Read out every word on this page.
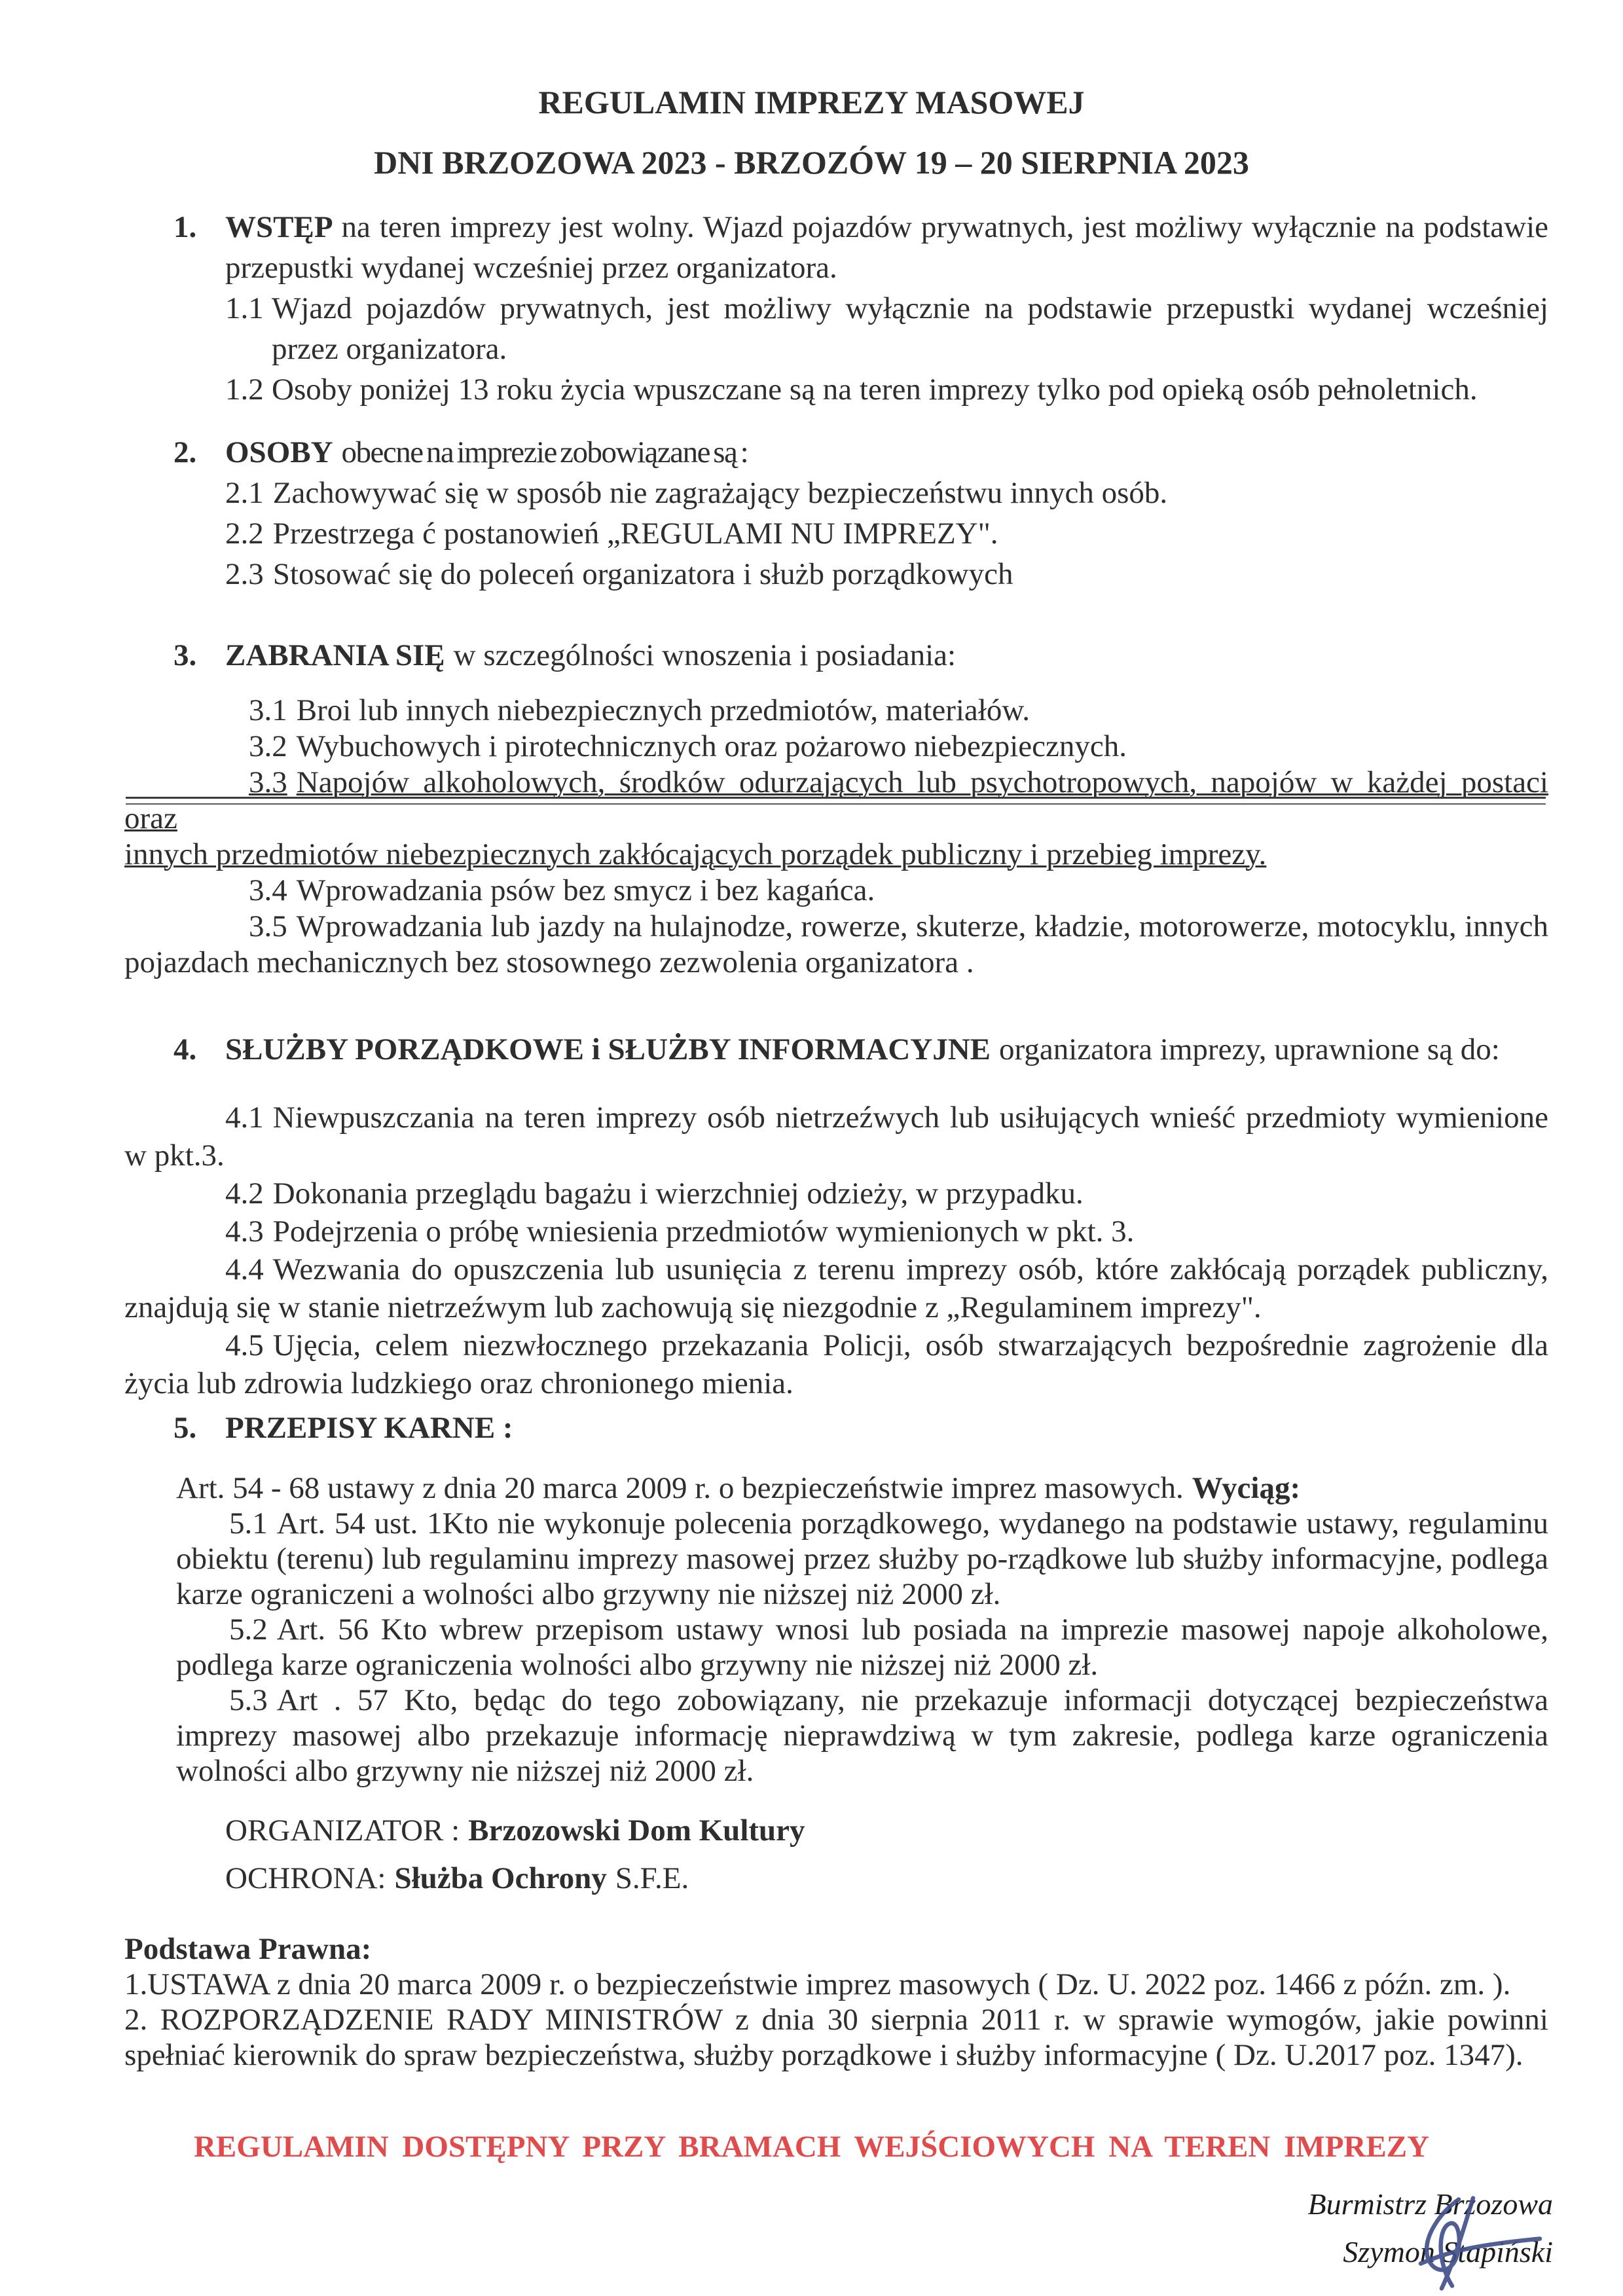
REGULAMIN IMPREZY MASOWEJ
DNI BRZOZOWA 2023 - BRZOZÓW 19 – 20 SIERPNIA 2023
1. WSTĘP na teren imprezy jest wolny. Wjazd pojazdów prywatnych, jest możliwy wyłącznie na podstawie przepustki wydanej wcześniej przez organizatora.
1.1 Wjazd pojazdów prywatnych, jest możliwy wyłącznie na podstawie przepustki wydanej wcześniej przez organizatora.
1.2 Osoby poniżej 13 roku życia wpuszczane są na teren imprezy tylko pod opieką osób pełnoletnich.
2. OSOBY obecne na imprezie zobowiązane są :
2.1 Zachowywać się w sposób nie zagrażający bezpieczeństwu innych osób.
2.2 Przestrzega ć postanowień „REGULAMI NU IMPREZY".
2.3 Stosować się do poleceń organizatora i służb porządkowych
3. ZABRANIA SIĘ w szczególności wnoszenia i posiadania:
3.1 Broi lub innych niebezpiecznych przedmiotów, materiałów.
3.2 Wybuchowych i pirotechnicznych oraz pożarowo niebezpiecznych.
3.3 Napojów alkoholowych, środków odurzających lub psychotropowych, napojów w każdej postaci oraz
innych przedmiotów niebezpiecznych zakłócających porządek publiczny i przebieg imprezy.
3.4 Wprowadzania psów bez smycz i bez kagańca.
3.5 Wprowadzania lub jazdy na hulajnodze, rowerze, skuterze, kładzie, motorowerze, motocyklu, innych pojazdach mechanicznych bez stosownego zezwolenia organizatora .
4. SŁUŻBY PORZĄDKOWE i SŁUŻBY INFORMACYJNE organizatora imprezy, uprawnione są do:
4.1 Niewpuszczania na teren imprezy osób nietrzeźwych lub usiłujących wnieść przedmioty wymienione w pkt.3.
4.2 Dokonania przeglądu bagażu i wierzchniej odzieży, w przypadku.
4.3 Podejrzenia o próbę wniesienia przedmiotów wymienionych w pkt. 3.
4.4 Wezwania do opuszczenia lub usunięcia z terenu imprezy osób, które zakłócają porządek publiczny, znajdują się w stanie nietrzeźwym lub zachowują się niezgodnie z „Regulaminem imprezy".
4.5 Ujęcia, celem niezwłocznego przekazania Policji, osób stwarzających bezpośrednie zagrożenie dla życia lub zdrowia ludzkiego oraz chronionego mienia.
5. PRZEPISY KARNE :
Art. 54 - 68 ustawy z dnia 20 marca 2009 r. o bezpieczeństwie imprez masowych. Wyciąg:
5.1 Art. 54 ust. 1Kto nie wykonuje polecenia porządkowego, wydanego na podstawie ustawy, regulaminu obiektu (terenu) lub regulaminu imprezy masowej przez służby po-rządkowe lub służby informacyjne, podlega karze ograniczeni a wolności albo grzywny nie niższej niż 2000 zł.
5.2 Art. 56 Kto wbrew przepisom ustawy wnosi lub posiada na imprezie masowej napoje alkoholowe, podlega karze ograniczenia wolności albo grzywny nie niższej niż 2000 zł.
5.3 Art . 57 Kto, będąc do tego zobowiązany, nie przekazuje informacji dotyczącej bezpieczeństwa imprezy masowej albo przekazuje informację nieprawdziwą w tym zakresie, podlega karze ograniczenia wolności albo grzywny nie niższej niż 2000 zł.
ORGANIZATOR : Brzozowski Dom Kultury
OCHRONA: Służba Ochrony S.F.E.
Podstawa Prawna:
1.USTAWA z dnia 20 marca 2009 r. o bezpieczeństwie imprez masowych ( Dz. U. 2022 poz. 1466 z późn. zm. ).
2. ROZPORZĄDZENIE RADY MINISTRÓW z dnia 30 sierpnia 2011 r. w sprawie wymogów, jakie powinni spełniać kierownik do spraw bezpieczeństwa, służby porządkowe i służby informacyjne ( Dz. U.2017 poz. 1347).
REGULAMIN DOSTĘPNY PRZY BRAMACH WEJŚCIOWYCH NA TEREN IMPREZY
Burmistrz Brzozowa
Szymon Stapiński
